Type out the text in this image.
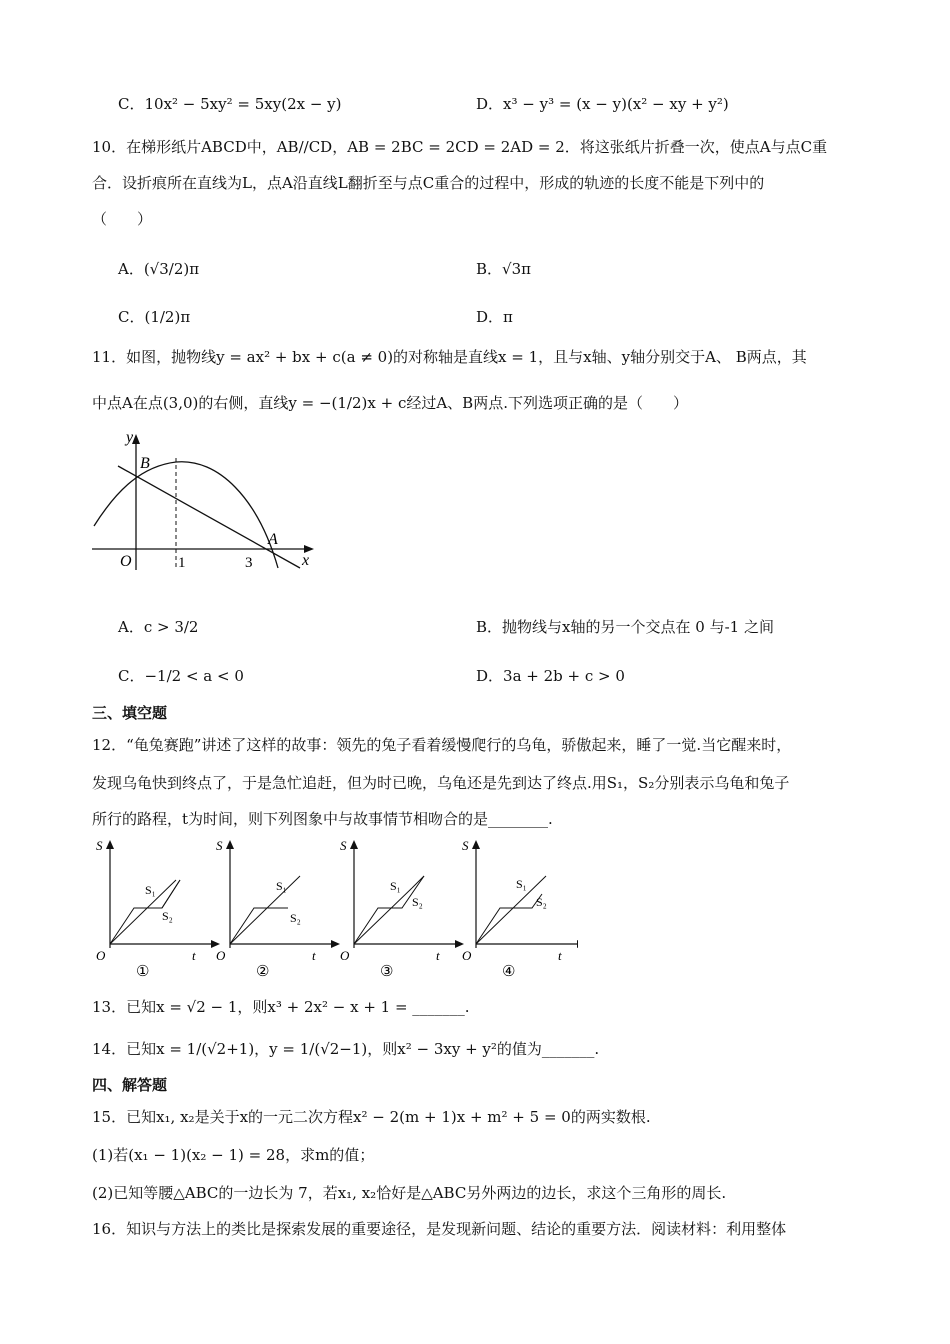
C．10x² − 5xy² = 5xy(2x − y)	D．x³ − y³ = (x − y)(x² − xy + y²)
10．在梯形纸片ABCD中，AB//CD，AB = 2BC = 2CD = 2AD = 2．将这张纸片折叠一次，使点A与点C重
合．设折痕所在直线为L，点A沿直线L翻折至与点C重合的过程中，形成的轨迹的长度不能是下列中的
（　　）
A．(√3/2)π	B．√3π
C．(1/2)π	D．π
11．如图，抛物线y = ax² + bx + c(a ≠ 0)的对称轴是直线x = 1，且与x轴、y轴分别交于A、 B两点，其
中点A在点(3,0)的右侧，直线y = −(1/2)x + c经过A、B两点.下列选项正确的是（　　）
y
x
B
A
O	1	3
A．c > 3/2	B．抛物线与x轴的另一个交点在 0 与-1 之间
C．−1/2 < a < 0	D．3a + 2b + c > 0
三、填空题
12．“龟兔赛跑”讲述了这样的故事：领先的兔子看着缓慢爬行的乌龟，骄傲起来，睡了一觉.当它醒来时，
发现乌龟快到终点了，于是急忙追赶，但为时已晚，乌龟还是先到达了终点.用S₁，S₂分别表示乌龟和兔子
所行的路程，t为时间，则下列图象中与故事情节相吻合的是________.
S
t
O
S₁
S₂
①
S
t
O
S₁
S₂
②
S
t
O
S₁
S₂
③
S
t
O
S₁
S₂
④
13．已知x = √2 − 1，则x³ + 2x² − x + 1 = _______.
14．已知x = 1/(√2+1)，y = 1/(√2−1)，则x² − 3xy + y²的值为_______.
四、解答题
15．已知x₁, x₂是关于x的一元二次方程x² − 2(m + 1)x + m² + 5 = 0的两实数根.
(1)若(x₁ − 1)(x₂ − 1) = 28，求m的值；
(2)已知等腰△ABC的一边长为 7，若x₁, x₂恰好是△ABC另外两边的边长，求这个三角形的周长.
16．知识与方法上的类比是探索发展的重要途径，是发现新问题、结论的重要方法．阅读材料：利用整体
